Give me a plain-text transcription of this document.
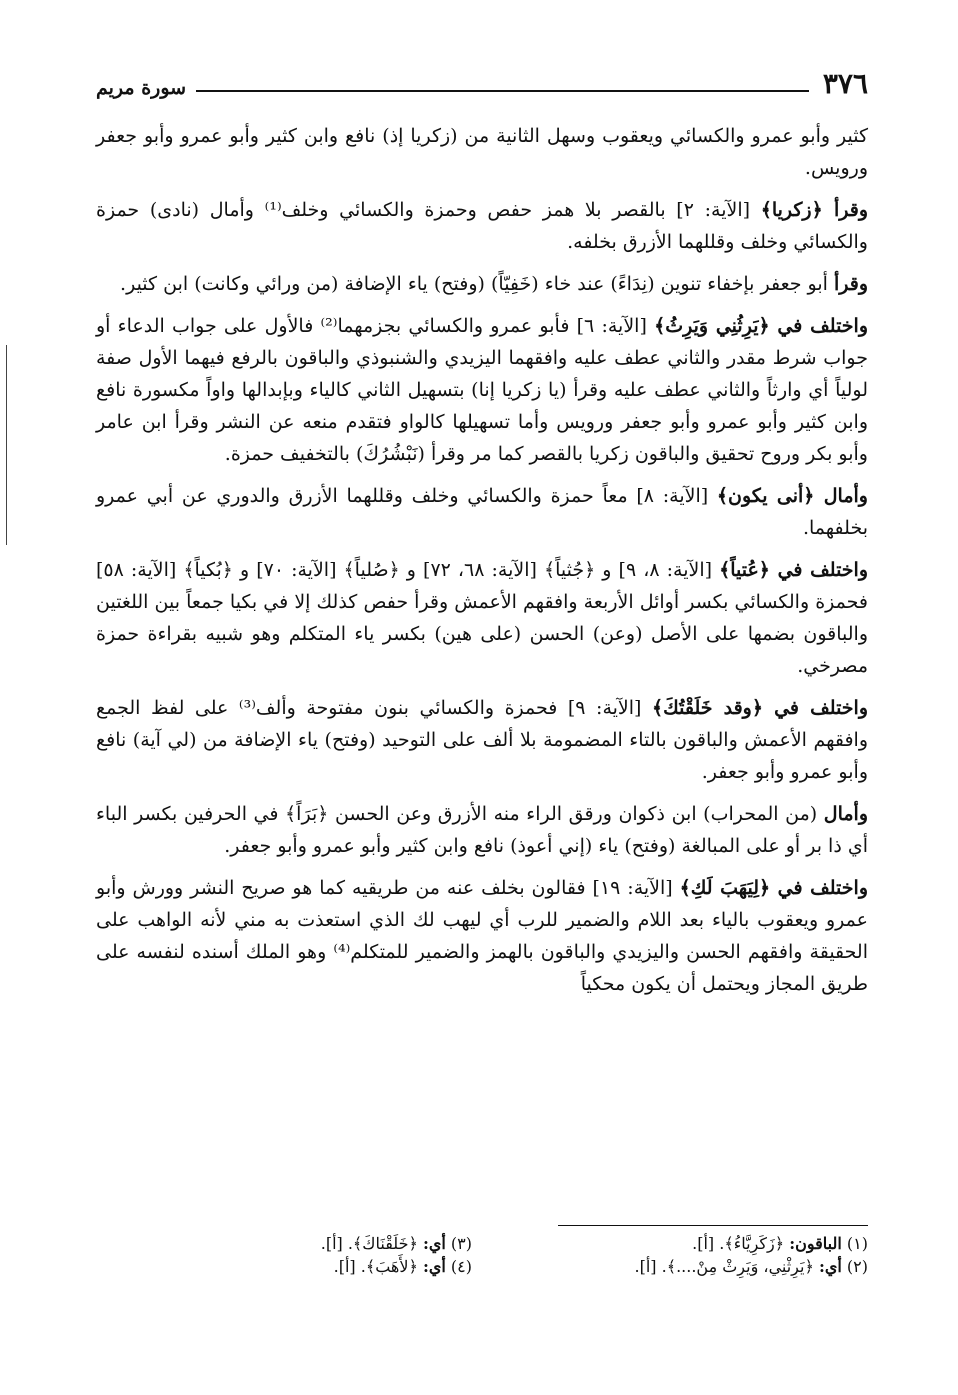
٣٧٦
سورة مريم

كثير وأبو عمرو والكسائي ويعقوب وسهل الثانية من (زكريا إذ) نافع وابن كثير وأبو عمرو وأبو جعفر ورويس.

وقرأ ﴿زكريا﴾ [الآية: ٢] بالقصر بلا همز حفص وحمزة والكسائي وخلف⁽¹⁾ وأمال (نادى) حمزة والكسائي وخلف وقللهما الأزرق بخلفه.

وقرأ أبو جعفر بإخفاء تنوين (نِدَاءً) عند خاء (خَفِيّاً) (وفتح) ياء الإضافة (من ورائي وكانت) ابن كثير.

واختلف في ﴿يَرِثُنِي وَيَرِثُ﴾ [الآية: ٦] فأبو عمرو والكسائي بجزمهما⁽²⁾ فالأول على جواب الدعاء أو جواب شرط مقدر والثاني عطف عليه وافقهما اليزيدي والشنبوذي والباقون بالرفع فيهما الأول صفة لولياً أي وارثاً والثاني عطف عليه وقرأ (يا زكريا إنا) بتسهيل الثاني كالياء وبإبدالها واواً مكسورة نافع وابن كثير وأبو عمرو وأبو جعفر ورويس وأما تسهيلها كالواو فتقدم منعه عن النشر وقرأ ابن عامر وأبو بكر وروح تحقيق والباقون زكريا بالقصر كما مر وقرأ (نَبْشُرُكَ) بالتخفيف حمزة.

وأمال ﴿أنى يكون﴾ [الآية: ٨] معاً حمزة والكسائي وخلف وقللهما الأزرق والدوري عن أبي عمرو بخلفهما.

واختلف في ﴿عُتياً﴾ [الآية: ٨، ٩] و ﴿جُثياً﴾ [الآية: ٦٨، ٧٢] و ﴿صُلياً﴾ [الآية: ٧٠] و ﴿بُكياً﴾ [الآية: ٥٨] فحمزة والكسائي بكسر أوائل الأربعة وافقهم الأعمش وقرأ حفص كذلك إلا في بكيا جمعاً بين اللغتين والباقون بضمها على الأصل (وعن) الحسن (على هين) بكسر ياء المتكلم وهو شبيه بقراءة حمزة مصرخي.

واختلف في ﴿وقد خَلَقْتُكَ﴾ [الآية: ٩] فحمزة والكسائي بنون مفتوحة وألف⁽³⁾ على لفظ الجمع وافقهم الأعمش والباقون بالتاء المضمومة بلا ألف على التوحيد (وفتح) ياء الإضافة من (لي آية) نافع وأبو عمرو وأبو جعفر.

وأمال (من المحراب) ابن ذكوان ورقق الراء منه الأزرق وعن الحسن ﴿بَرَاً﴾ في الحرفين بكسر الباء أي ذا بر أو على المبالغة (وفتح) ياء (إني أعوذ) نافع وابن كثير وأبو عمرو وأبو جعفر.

واختلف في ﴿لِيَهَبَ لَكِ﴾ [الآية: ١٩] فقالون بخلف عنه من طريقيه كما هو صريح النشر وورش وأبو عمرو ويعقوب بالياء بعد اللام والضمير للرب أي ليهب لك الذي استعذت به مني لأنه الواهب على الحقيقة وافقهم الحسن واليزيدي والباقون بالهمز والضمير للمتكلم⁽⁴⁾ وهو الملك أسنده لنفسه على طريق المجاز ويحتمل أن يكون محكياً

(١) الباقون: ﴿زَكَرِيَّاءُ﴾. [أ].
(٣) أي: ﴿خَلَقْنَاكَ﴾. [أ].
(٢) أي: ﴿يَرِثْنِي، وَيَرِثْ مِنْ....﴾. [أ].
(٤) أي: ﴿لأَهَبَ﴾. [أ].
